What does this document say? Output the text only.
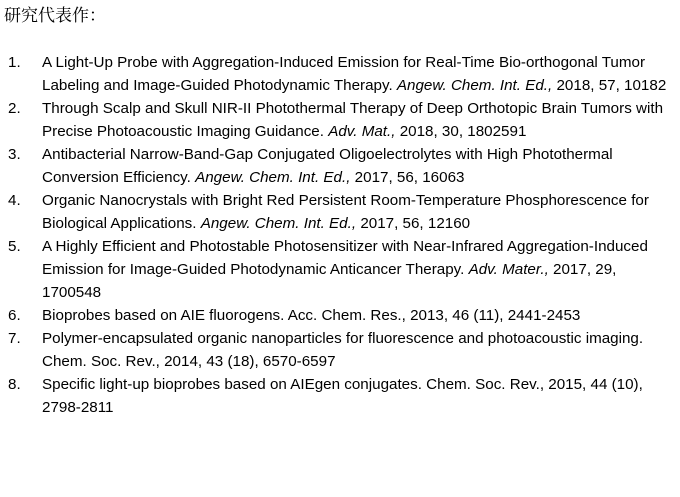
研究代表作：
1. A Light-Up Probe with Aggregation-Induced Emission for Real-Time Bio-orthogonal Tumor Labeling and Image-Guided Photodynamic Therapy. Angew. Chem. Int. Ed., 2018, 57, 10182
2. Through Scalp and Skull NIR-II Photothermal Therapy of Deep Orthotopic Brain Tumors with Precise Photoacoustic Imaging Guidance. Adv. Mat., 2018, 30, 1802591
3. Antibacterial Narrow-Band-Gap Conjugated Oligoelectrolytes with High Photothermal Conversion Efficiency. Angew. Chem. Int. Ed., 2017, 56, 16063
4. Organic Nanocrystals with Bright Red Persistent Room-Temperature Phosphorescence for Biological Applications. Angew. Chem. Int. Ed., 2017, 56, 12160
5. A Highly Efficient and Photostable Photosensitizer with Near-Infrared Aggregation-Induced Emission for Image-Guided Photodynamic Anticancer Therapy. Adv. Mater., 2017, 29, 1700548
6. Bioprobes based on AIE fluorogens. Acc. Chem. Res., 2013, 46 (11), 2441-2453
7. Polymer-encapsulated organic nanoparticles for fluorescence and photoacoustic imaging. Chem. Soc. Rev., 2014, 43 (18), 6570-6597
8. Specific light-up bioprobes based on AIEgen conjugates. Chem. Soc. Rev., 2015, 44 (10), 2798-2811
